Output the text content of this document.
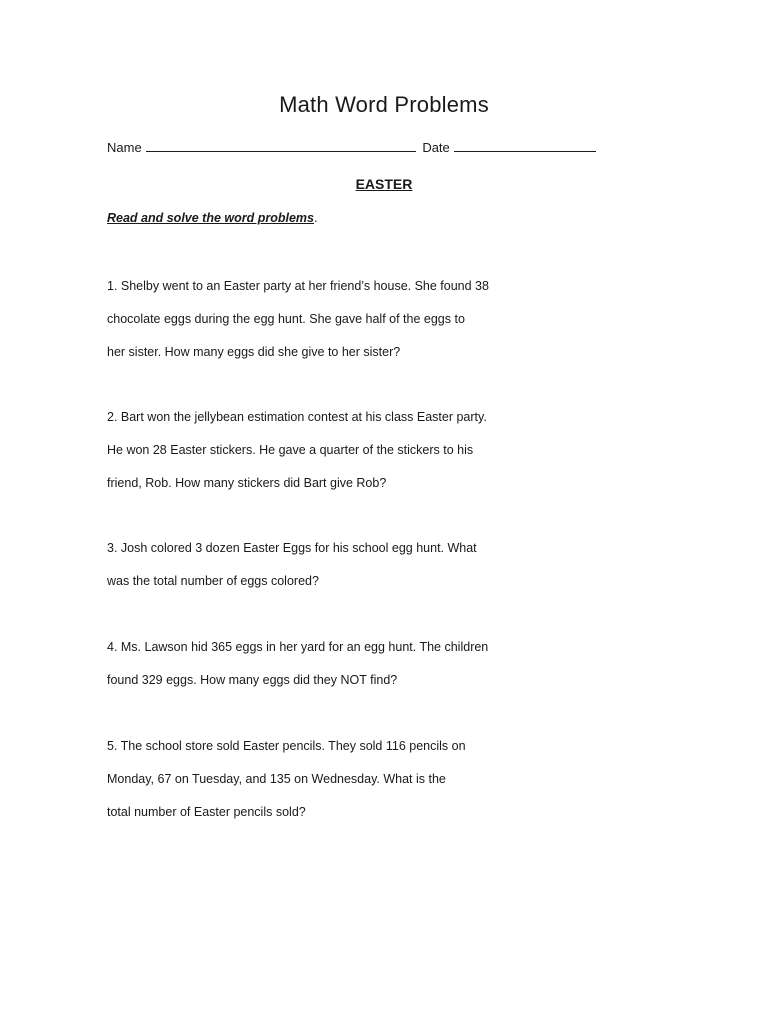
Math Word Problems
Name	Date
EASTER

Read and solve the word problems.

1. Shelby went to an Easter party at her friend’s house. She found 38
chocolate eggs during the egg hunt. She gave half of the eggs to
her sister. How many eggs did she give to her sister?
2. Bart won the jellybean estimation contest at his class Easter party.
He won 28 Easter stickers. He gave a quarter of the stickers to his
friend, Rob. How many stickers did Bart give Rob?
3. Josh colored 3 dozen Easter Eggs for his school egg hunt. What
was the total number of eggs colored?
4. Ms. Lawson hid 365 eggs in her yard for an egg hunt. The children
found 329 eggs. How many eggs did they NOT find?
5. The school store sold Easter pencils. They sold 116 pencils on
Monday, 67 on Tuesday, and 135 on Wednesday. What is the
total number of Easter pencils sold?
